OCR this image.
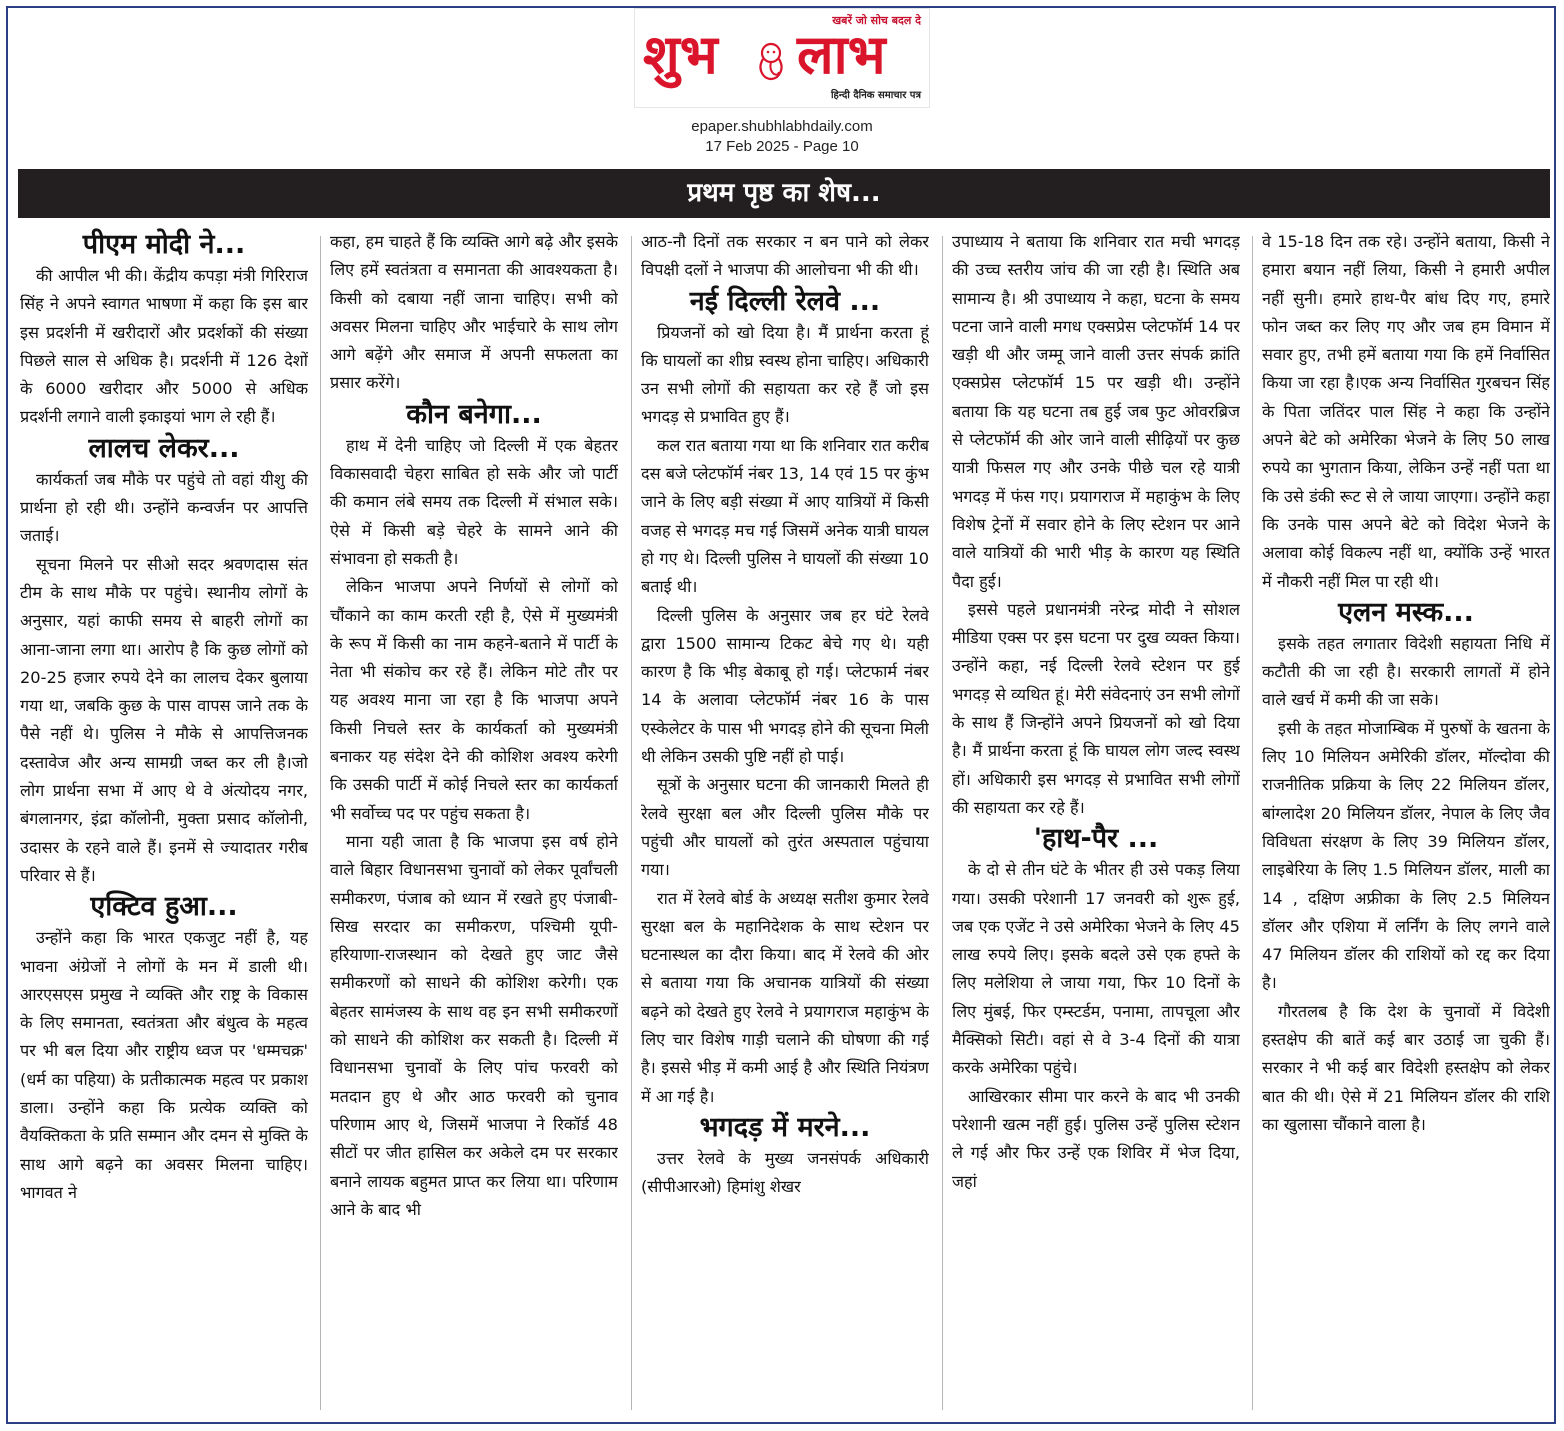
खबरें जो सोच बदल दे
शुभ लाभ
हिन्दी दैनिक समाचार पत्र
epaper.shubhlabhdaily.com
17 Feb 2025 - Page 10
प्रथम पृष्ठ का शेष...
पीएम मोदी ने...

की आपील भी की। केंद्रीय कपड़ा मंत्री गिरिराज सिंह ने अपने स्वागत भाषणा में कहा कि इस बार इस प्रदर्शनी में खरीदारों और प्रदर्शकों की संख्या पिछले साल से अधिक है। प्रदर्शनी में 126 देशों के 6000 खरीदार और 5000 से अधिक प्रदर्शनी लगाने वाली इकाइयां भाग ले रही हैं।

लालच लेकर...

कार्यकर्ता जब मौके पर पहुंचे तो वहां यीशु की प्रार्थना हो रही थी। उन्होंने कन्वर्जन पर आपत्ति जताई।

सूचना मिलने पर सीओ सदर श्रवणदास संत टीम के साथ मौके पर पहुंचे। स्थानीय लोगों के अनुसार, यहां काफी समय से बाहरी लोगों का आना-जाना लगा था। आरोप है कि कुछ लोगों को 20-25 हजार रुपये देने का लालच देकर बुलाया गया था, जबकि कुछ के पास वापस जाने तक के पैसे नहीं थे। पुलिस ने मौके से आपत्तिजनक दस्तावेज और अन्य सामग्री जब्त कर ली है।जो लोग प्रार्थना सभा में आए थे वे अंत्योदय नगर, बंगलानगर, इंद्रा कॉलोनी, मुक्ता प्रसाद कॉलोनी, उदासर के रहने वाले हैं। इनमें से ज्यादातर गरीब परिवार से हैं।

एक्टिव हुआ...

उन्होंने कहा कि भारत एकजुट नहीं है, यह भावना अंग्रेजों ने लोगों के मन में डाली थी। आरएसएस प्रमुख ने व्यक्ति और राष्ट्र के विकास के लिए समानता, स्वतंत्रता और बंधुत्व के महत्व पर भी बल दिया और राष्ट्रीय ध्वज पर 'धम्मचक्र' (धर्म का पहिया) के प्रतीकात्मक महत्व पर प्रकाश डाला। उन्होंने कहा कि प्रत्येक व्यक्ति को वैयक्तिकता के प्रति सम्मान और दमन से मुक्ति के साथ आगे बढ़ने का अवसर मिलना चाहिए। भागवत ने

कहा, हम चाहते हैं कि व्यक्ति आगे बढ़े और इसके लिए हमें स्वतंत्रता व समानता की आवश्यकता है। किसी को दबाया नहीं जाना चाहिए। सभी को अवसर मिलना चाहिए और भाईचारे के साथ लोग आगे बढ़ेंगे और समाज में अपनी सफलता का प्रसार करेंगे।

कौन बनेगा...

हाथ में देनी चाहिए जो दिल्ली में एक बेहतर विकासवादी चेहरा साबित हो सके और जो पार्टी की कमान लंबे समय तक दिल्ली में संभाल सके। ऐसे में किसी बड़े चेहरे के सामने आने की संभावना हो सकती है।

लेकिन भाजपा अपने निर्णयों से लोगों को चौंकाने का काम करती रही है, ऐसे में मुख्यमंत्री के रूप में किसी का नाम कहने-बताने में पार्टी के नेता भी संकोच कर रहे हैं। लेकिन मोटे तौर पर यह अवश्य माना जा रहा है कि भाजपा अपने किसी निचले स्तर के कार्यकर्ता को मुख्यमंत्री बनाकर यह संदेश देने की कोशिश अवश्य करेगी कि उसकी पार्टी में कोई निचले स्तर का कार्यकर्ता भी सर्वोच्च पद पर पहुंच सकता है।

माना यही जाता है कि भाजपा इस वर्ष होने वाले बिहार विधानसभा चुनावों को लेकर पूर्वांचली समीकरण, पंजाब को ध्यान में रखते हुए पंजाबी-सिख सरदार का समीकरण, पश्चिमी यूपी-हरियाणा-राजस्थान को देखते हुए जाट जैसे समीकरणों को साधने की कोशिश करेगी। एक बेहतर सामंजस्य के साथ वह इन सभी समीकरणों को साधने की कोशिश कर सकती है। दिल्ली में विधानसभा चुनावों के लिए पांच फरवरी को मतदान हुए थे और आठ फरवरी को चुनाव परिणाम आए थे, जिसमें भाजपा ने रिकॉर्ड 48 सीटों पर जीत हासिल कर अकेले दम पर सरकार बनाने लायक बहुमत प्राप्त कर लिया था। परिणाम आने के बाद भी

आठ-नौ दिनों तक सरकार न बन पाने को लेकर विपक्षी दलों ने भाजपा की आलोचना भी की थी।

नई दिल्ली रेलवे ...

प्रियजनों को खो दिया है। मैं प्रार्थना करता हूं कि घायलों का शीघ्र स्वस्थ होना चाहिए। अधिकारी उन सभी लोगों की सहायता कर रहे हैं जो इस भगदड़ से प्रभावित हुए हैं।

कल रात बताया गया था कि शनिवार रात करीब दस बजे प्लेटफॉर्म नंबर 13, 14 एवं 15 पर कुंभ जाने के लिए बड़ी संख्या में आए यात्रियों में किसी वजह से भगदड़ मच गई जिसमें अनेक यात्री घायल हो गए थे। दिल्ली पुलिस ने घायलों की संख्या 10 बताई थी।

दिल्ली पुलिस के अनुसार जब हर घंटे रेलवे द्वारा 1500 सामान्य टिकट बेचे गए थे। यही कारण है कि भीड़ बेकाबू हो गई। प्लेटफार्म नंबर 14 के अलावा प्लेटफॉर्म नंबर 16 के पास एस्केलेटर के पास भी भगदड़ होने की सूचना मिली थी लेकिन उसकी पुष्टि नहीं हो पाई।

सूत्रों के अनुसार घटना की जानकारी मिलते ही रेलवे सुरक्षा बल और दिल्ली पुलिस मौके पर पहुंची और घायलों को तुरंत अस्पताल पहुंचाया गया।

रात में रेलवे बोर्ड के अध्यक्ष सतीश कुमार रेलवे सुरक्षा बल के महानिदेशक के साथ स्टेशन पर घटनास्थल का दौरा किया। बाद में रेलवे की ओर से बताया गया कि अचानक यात्रियों की संख्या बढ़ने को देखते हुए रेलवे ने प्रयागराज महाकुंभ के लिए चार विशेष गाड़ी चलाने की घोषणा की गई है। इससे भीड़ में कमी आई है और स्थिति नियंत्रण में आ गई है।

भगदड़ में मरने...

उत्तर रेलवे के मुख्य जनसंपर्क अधिकारी (सीपीआरओ) हिमांशु शेखर

उपाध्याय ने बताया कि शनिवार रात मची भगदड़ की उच्च स्तरीय जांच की जा रही है। स्थिति अब सामान्य है। श्री उपाध्याय ने कहा, घटना के समय पटना जाने वाली मगध एक्सप्रेस प्लेटफॉर्म 14 पर खड़ी थी और जम्मू जाने वाली उत्तर संपर्क क्रांति एक्सप्रेस प्लेटफॉर्म 15 पर खड़ी थी। उन्होंने बताया कि यह घटना तब हुई जब फुट ओवरब्रिज से प्लेटफॉर्म की ओर जाने वाली सीढ़ियों पर कुछ यात्री फिसल गए और उनके पीछे चल रहे यात्री भगदड़ में फंस गए। प्रयागराज में महाकुंभ के लिए विशेष ट्रेनों में सवार होने के लिए स्टेशन पर आने वाले यात्रियों की भारी भीड़ के कारण यह स्थिति पैदा हुई।

इससे पहले प्रधानमंत्री नरेन्द्र मोदी ने सोशल मीडिया एक्स पर इस घटना पर दुख व्यक्त किया। उन्होंने कहा, नई दिल्ली रेलवे स्टेशन पर हुई भगदड़ से व्यथित हूं। मेरी संवेदनाएं उन सभी लोगों के साथ हैं जिन्होंने अपने प्रियजनों को खो दिया है। मैं प्रार्थना करता हूं कि घायल लोग जल्द स्वस्थ हों। अधिकारी इस भगदड़ से प्रभावित सभी लोगों की सहायता कर रहे हैं।

'हाथ-पैर ...

के दो से तीन घंटे के भीतर ही उसे पकड़ लिया गया। उसकी परेशानी 17 जनवरी को शुरू हुई, जब एक एजेंट ने उसे अमेरिका भेजने के लिए 45 लाख रुपये लिए। इसके बदले उसे एक हफ्ते के लिए मलेशिया ले जाया गया, फिर 10 दिनों के लिए मुंबई, फिर एम्स्टर्डम, पनामा, तापचूला और मैक्सिको सिटी। वहां से वे 3-4 दिनों की यात्रा करके अमेरिका पहुंचे।

आखिरकार सीमा पार करने के बाद भी उनकी परेशानी खत्म नहीं हुई। पुलिस उन्हें पुलिस स्टेशन ले गई और फिर उन्हें एक शिविर में भेज दिया, जहां

वे 15-18 दिन तक रहे। उन्होंने बताया, किसी ने हमारा बयान नहीं लिया, किसी ने हमारी अपील नहीं सुनी। हमारे हाथ-पैर बांध दिए गए, हमारे फोन जब्त कर लिए गए और जब हम विमान में सवार हुए, तभी हमें बताया गया कि हमें निर्वासित किया जा रहा है।एक अन्य निर्वासित गुरबचन सिंह के पिता जतिंदर पाल सिंह ने कहा कि उन्होंने अपने बेटे को अमेरिका भेजने के लिए 50 लाख रुपये का भुगतान किया, लेकिन उन्हें नहीं पता था कि उसे डंकी रूट से ले जाया जाएगा। उन्होंने कहा कि उनके पास अपने बेटे को विदेश भेजने के अलावा कोई विकल्प नहीं था, क्योंकि उन्हें भारत में नौकरी नहीं मिल पा रही थी।

एलन मस्क...

इसके तहत लगातार विदेशी सहायता निधि में कटौती की जा रही है। सरकारी लागतों में होने वाले खर्च में कमी की जा सके।

इसी के तहत मोजाम्बिक में पुरुषों के खतना के लिए 10 मिलियन अमेरिकी डॉलर, मॉल्दोवा की राजनीतिक प्रक्रिया के लिए 22 मिलियन डॉलर, बांग्लादेश 20 मिलियन डॉलर, नेपाल के लिए जैव विविधता संरक्षण के लिए 39 मिलियन डॉलर, लाइबेरिया के लिए 1.5 मिलियन डॉलर, माली का 14 , दक्षिण अफ्रीका के लिए 2.5 मिलियन डॉलर और एशिया में लर्निंग के लिए लगने वाले 47 मिलियन डॉलर की राशियों को रद्द कर दिया है।

गौरतलब है कि देश के चुनावों में विदेशी हस्तक्षेप की बातें कई बार उठाई जा चुकी हैं। सरकार ने भी कई बार विदेशी हस्तक्षेप को लेकर बात की थी। ऐसे में 21 मिलियन डॉलर की राशि का खुलासा चौंकाने वाला है।
